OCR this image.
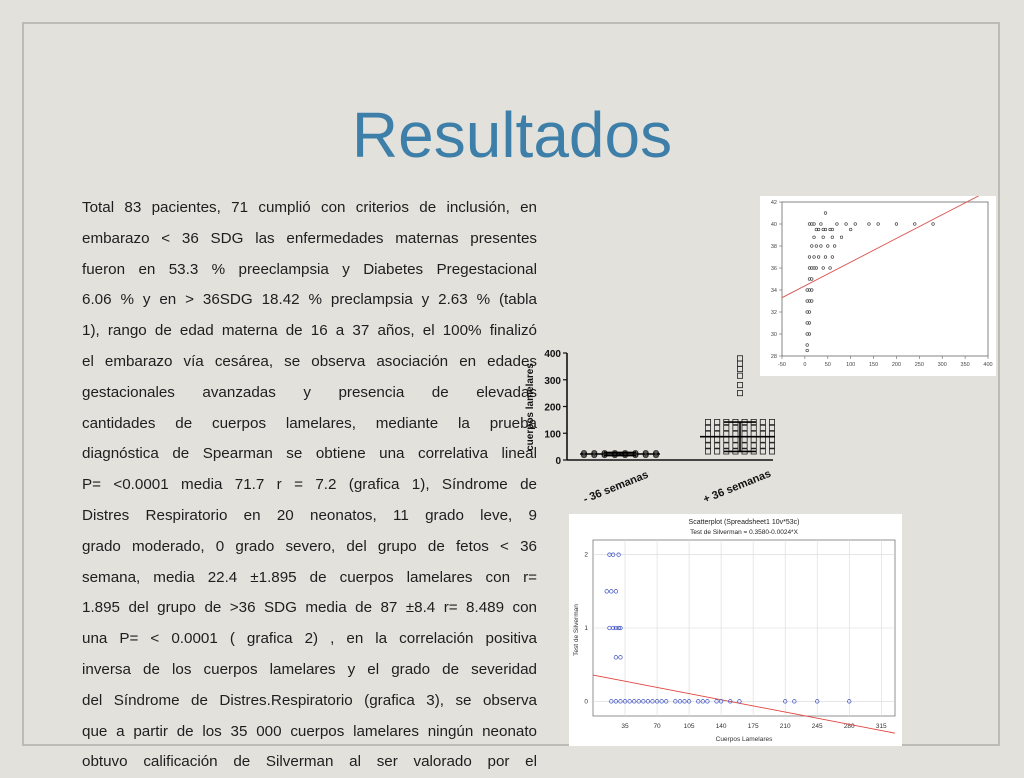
Resultados
Total 83 pacientes, 71 cumplió con criterios de inclusión, en
embarazo < 36 SDG las enfermedades maternas presentes
fueron en 53.3 % preeclampsia y Diabetes Pregestacional
6.06 % y en > 36SDG 18.42 % preclampsia y 2.63 % (tabla
1), rango de edad materna de 16 a 37 años, el 100% finalizó
el embarazo vía cesárea, se observa asociación en edades
gestacionales avanzadas y presencia de elevadas
cantidades de cuerpos lamelares, mediante la prueba
diagnóstica de Spearman se obtiene una correlativa lineal
P= <0.0001 media 71.7 r = 7.2 (grafica 1), Síndrome de
Distres Respiratorio en 20 neonatos, 11 grado leve, 9
grado moderado, 0 grado severo, del grupo de fetos < 36
semana, media 22.4 ±1.895 de cuerpos lamelares con r=
1.895 del grupo de >36 SDG media de 87 ±8.4 r= 8.489 con
una P= < 0.0001 ( grafica 2) , en la correlación positiva
inversa de los cuerpos lamelares y el grado de severidad
del Síndrome de Distres.Respiratorio (grafica 3), se observa
que a partir de los 35 000 cuerpos lamelares ningún neonato
obtuvo calificación de Silverman al ser valorado por el
-50	0	50	100 150 200 250 300 350 400
28
30
32
34
36
38
40
42
0
100
200
300
400
cuerpos lamelares
- 36 semanas	+ 36 semanas
Scatterplot (Spreadsheet1 10v*53c)
Test de Silverman = 0.3580-0.0024*X
35	70	105	140	175	210	245	280	315
0
1
2
Cuerpos Lamelares
Test de Silverman
